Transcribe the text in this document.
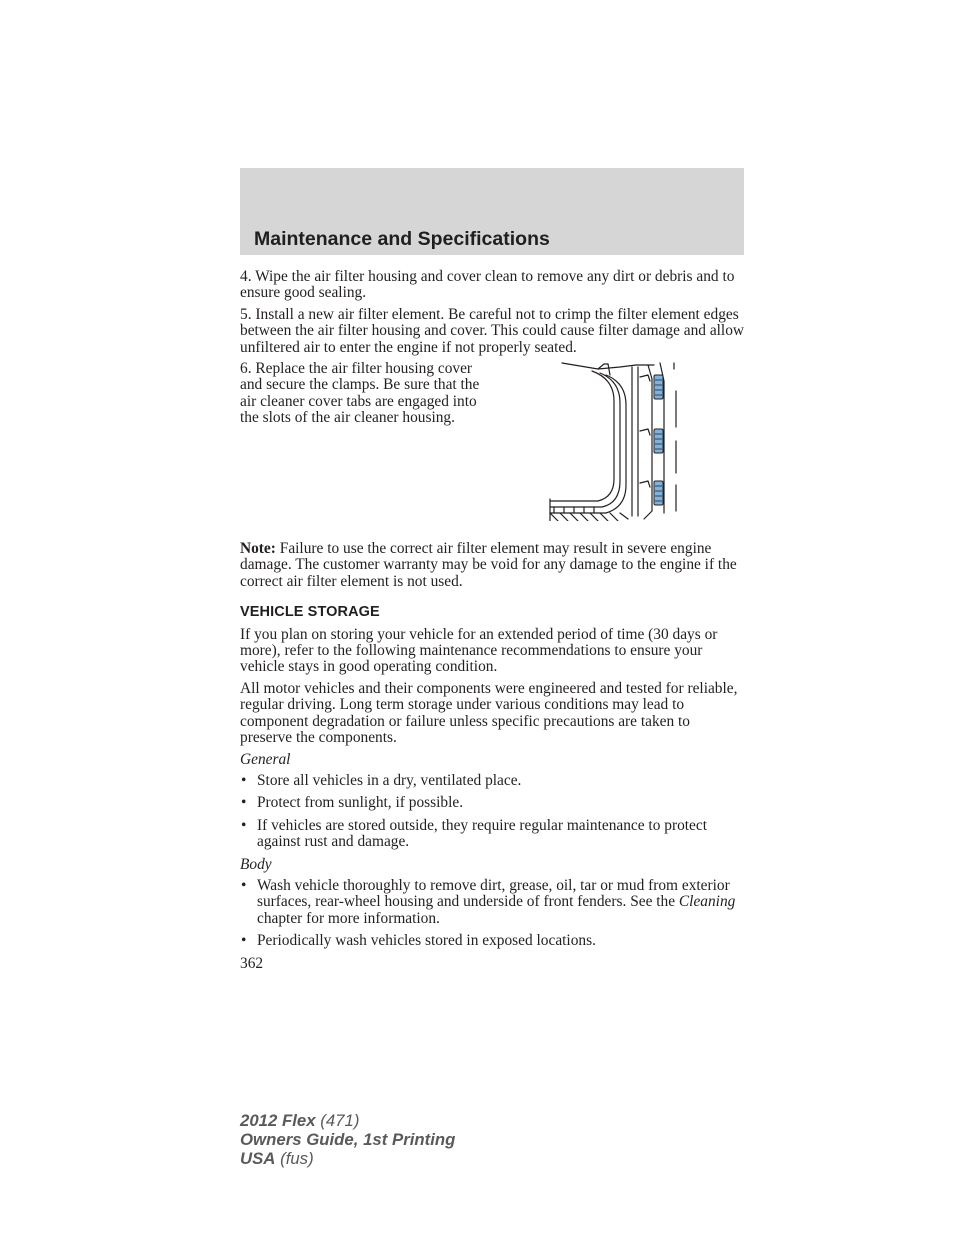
Maintenance and Specifications

4. Wipe the air filter housing and cover clean to remove any dirt or debris and to ensure good sealing.

5. Install a new air filter element. Be careful not to crimp the filter element edges between the air filter housing and cover. This could cause filter damage and allow unfiltered air to enter the engine if not properly seated.

6. Replace the air filter housing cover and secure the clamps. Be sure that the air cleaner cover tabs are engaged into the slots of the air cleaner housing.

Note: Failure to use the correct air filter element may result in severe engine damage. The customer warranty may be void for any damage to the engine if the correct air filter element is not used.

VEHICLE STORAGE

If you plan on storing your vehicle for an extended period of time (30 days or more), refer to the following maintenance recommendations to ensure your vehicle stays in good operating condition.

All motor vehicles and their components were engineered and tested for reliable, regular driving. Long term storage under various conditions may lead to component degradation or failure unless specific precautions are taken to preserve the components.

General

• Store all vehicles in a dry, ventilated place.
• Protect from sunlight, if possible.
• If vehicles are stored outside, they require regular maintenance to protect against rust and damage.

Body

• Wash vehicle thoroughly to remove dirt, grease, oil, tar or mud from exterior surfaces, rear-wheel housing and underside of front fenders. See the Cleaning chapter for more information.
• Periodically wash vehicles stored in exposed locations.
362
2012 Flex (471)
Owners Guide, 1st Printing
USA (fus)
